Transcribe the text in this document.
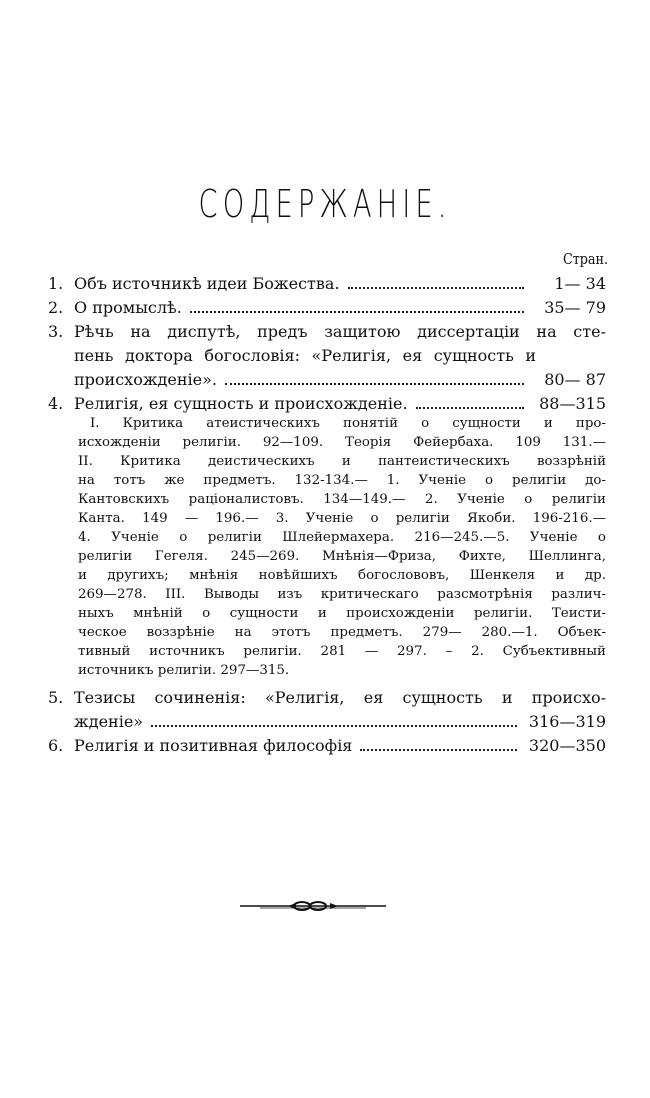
СОДЕРЖАНІЕ.
Стран.
1. Объ источникѣ идеи Божества.	1— 34
2. О промыслѣ.	35— 79
3. Рѣчь на диспутѣ, предъ защитою диссертаціи на сте-
пень доктора богословія: «Религія, ея сущность и
происхожденіе».	80— 87
4. Религія, ея сущность и происхожденіе.	88—315
I. Критика атеистическихъ понятій о сущности и про-
исхожденіи религіи. 92—109. Теорія Фейербаха. 109 131.—
II. Критика деистическихъ и пантеистическихъ воззрѣній
на тотъ же предметъ. 132-134.— 1. Ученіе о религіи до-
Кантовскихъ раціоналистовъ. 134—149.— 2. Ученіе о религіи
Канта. 149 — 196.— 3. Ученіе о религіи Якоби. 196-216.—
4. Ученіе о религіи Шлейермахера. 216—245.—5. Ученіе о
религіи Гегеля. 245—269. Мнѣнія—Фриза, Фихте, Шеллинга,
и другихъ; мнѣнія новѣйшихъ богослововъ, Шенкеля и др.
269—278. III. Выводы изъ критическаго разсмотрѣнія различ-
ныхъ мнѣній о сущности и происхожденіи религіи. Теисти-
ческое воззрѣніе на этотъ предметъ. 279— 280.—1. Объек-
тивный источникъ религіи. 281 — 297. – 2. Субъективный
источникъ религіи. 297—315.
5. Тезисы сочиненія: «Религія, ея сущность и происхо-
жденіе»	316—319
6. Религія и позитивная философія	320—350
